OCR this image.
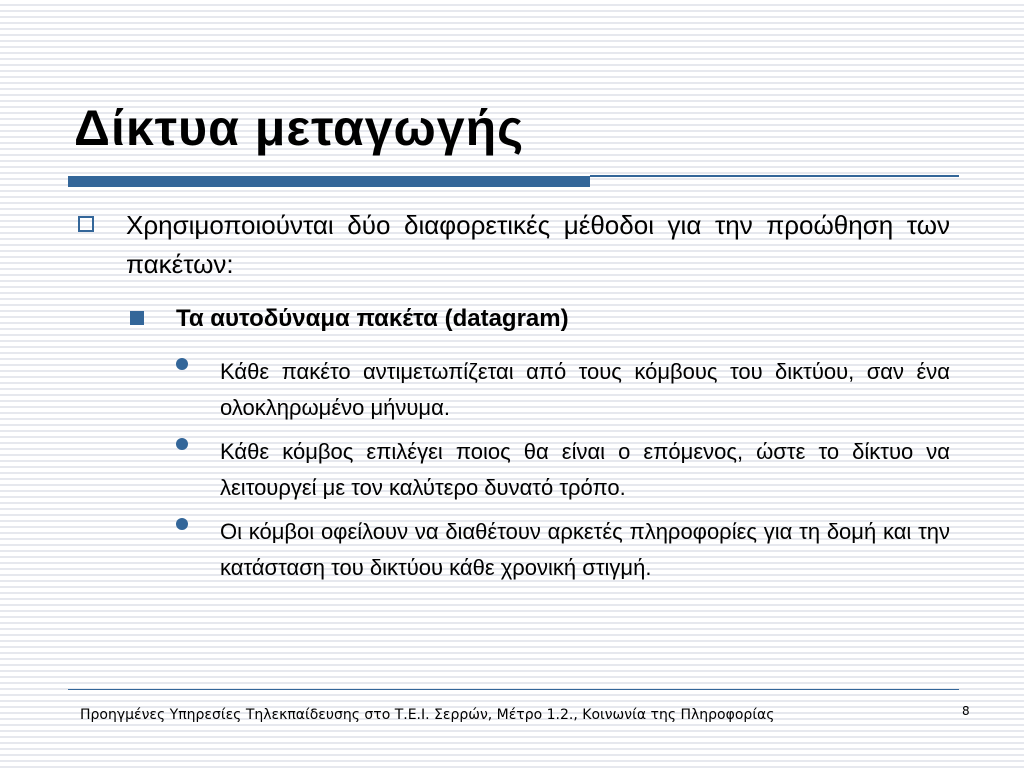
Δίκτυα μεταγωγής
Χρησιμοποιούνται δύο διαφορετικές μέθοδοι για την προώθηση των πακέτων:
Τα αυτοδύναμα πακέτα (datagram)
Κάθε πακέτο αντιμετωπίζεται από τους κόμβους του δικτύου, σαν ένα ολοκληρωμένο μήνυμα.
Κάθε κόμβος επιλέγει ποιος θα είναι ο επόμενος, ώστε το δίκτυο να λειτουργεί με τον καλύτερο δυνατό τρόπο.
Οι κόμβοι οφείλουν να διαθέτουν αρκετές πληροφορίες για τη δομή και την κατάσταση του δικτύου κάθε χρονική στιγμή.
Προηγμένες Υπηρεσίες Τηλεκπαίδευσης στο Τ.Ε.Ι. Σερρών, Μέτρο 1.2., Κοινωνία της Πληροφορίας	8
